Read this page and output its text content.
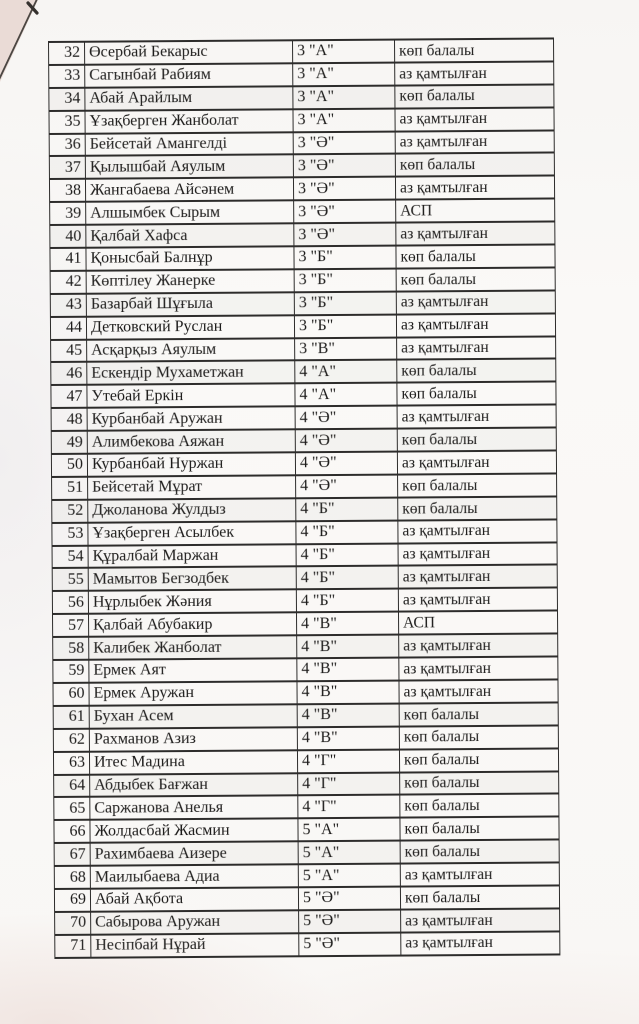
32	Өсербай Бекарыс	3 "А"	көп балалы
33	Сагынбай Рабиям	3 "А"	аз қамтылған
34	Абай Арайлым	3 "А"	көп балалы
35	Ұзақберген Жанболат	3 "А"	аз қамтылған
36	Бейсетай Амангелді	3 "Ә"	аз қамтылған
37	Қылышбай Аяулым	3 "Ә"	көп балалы
38	Жангабаева Айсәнем	3 "Ә"	аз қамтылған
39	Алшымбек Сырым	3 "Ә"	АСП
40	Қалбай Хафса	3 "Ә"	аз қамтылған
41	Қонысбай Балнұр	3 "Б"	көп балалы
42	Көптілеу Жанерке	3 "Б"	көп балалы
43	Базарбай Шұғыла	3 "Б"	аз қамтылған
44	Детковский Руслан	3 "Б"	аз қамтылған
45	Асқарқыз Аяулым	3 "В"	аз қамтылған
46	Ескендір Мухаметжан	4 "А"	көп балалы
47	Утебай Еркін	4 "А"	көп балалы
48	Курбанбай Аружан	4 "Ә"	аз қамтылған
49	Алимбекова Аяжан	4 "Ә"	көп балалы
50	Курбанбай Нуржан	4 "Ә"	аз қамтылған
51	Бейсетай Мұрат	4 "Ә"	көп балалы
52	Джоланова Жулдыз	4 "Б"	көп балалы
53	Ұзақберген Асылбек	4 "Б"	аз қамтылған
54	Құралбай Маржан	4 "Б"	аз қамтылған
55	Мамытов Бегзодбек	4 "Б"	аз қамтылған
56	Нұрлыбек Жәния	4 "Б"	аз қамтылған
57	Қалбай Абубакир	4 "В"	АСП
58	Калибек Жанболат	4 "В"	аз қамтылған
59	Ермек Аят	4 "В"	аз қамтылған
60	Ермек Аружан	4 "В"	аз қамтылған
61	Бухан Асем	4 "В"	көп балалы
62	Рахманов Азиз	4 "В"	көп балалы
63	Итес Мадина	4 "Г"	көп балалы
64	Абдыбек Бағжан	4 "Г"	көп балалы
65	Саржанова Анелья	4 "Г"	көп балалы
66	Жолдасбай Жасмин	5 "А"	көп балалы
67	Рахимбаева Аизере	5 "А"	көп балалы
68	Маилыбаева Адиа	5 "А"	аз қамтылған
69	Абай Ақбота	5 "Ә"	көп балалы
70	Сабырова Аружан	5 "Ә"	аз қамтылған
71	Несіпбай Нұрай	5 "Ә"	аз қамтылған
